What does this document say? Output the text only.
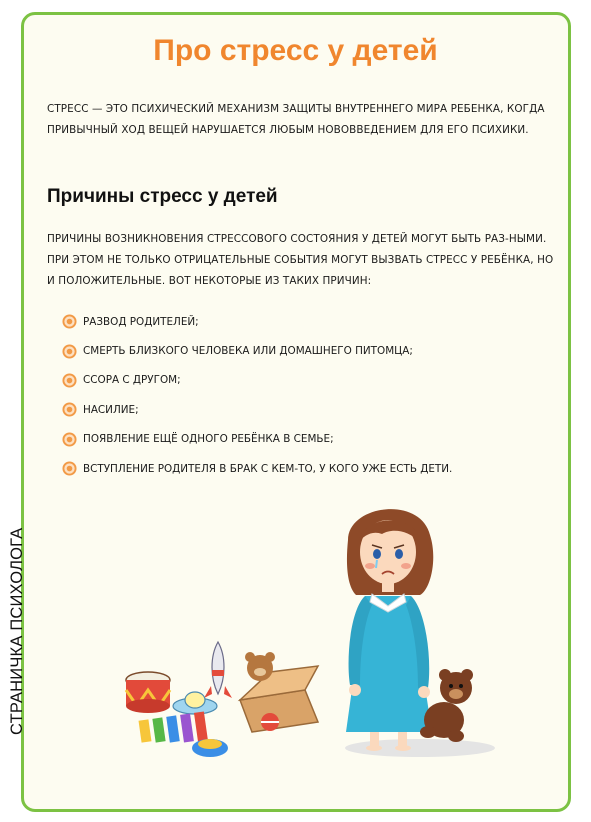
Про стресс у детей

СТРЕСС — ЭТО ПСИХИЧЕСКИЙ МЕХАНИЗМ ЗАЩИТЫ ВНУТРЕННЕГО МИРА РЕБЕНКА, КОГДА ПРИВЫЧНЫЙ ХОД ВЕЩЕЙ НАРУШАЕТСЯ ЛЮБЫМ НОВОВВЕДЕНИЕМ ДЛЯ ЕГО ПСИХИКИ.

Причины стресс у детей

ПРИЧИНЫ ВОЗНИКНОВЕНИЯ СТРЕССОВОГО СОСТОЯНИЯ У ДЕТЕЙ МОГУТ БЫТЬ РАЗ-НЫМИ. ПРИ ЭТОМ НЕ ТОЛЬКО ОТРИЦАТЕЛЬНЫЕ СОБЫТИЯ МОГУТ ВЫЗВАТЬ СТРЕСС У РЕБЁНКА, НО И ПОЛОЖИТЕЛЬНЫЕ. ВОТ НЕКОТОРЫЕ ИЗ ТАКИХ ПРИЧИН:

РАЗВОД РОДИТЕЛЕЙ;
СМЕРТЬ БЛИЗКОГО ЧЕЛОВЕКА ИЛИ ДОМАШНЕГО ПИТОМЦА;
ССОРА С ДРУГОМ;
НАСИЛИЕ;
ПОЯВЛЕНИЕ ЕЩЁ ОДНОГО РЕБЁНКА В СЕМЬЕ;
ВСТУПЛЕНИЕ РОДИТЕЛЯ В БРАК С КЕМ-ТО, У КОГО УЖЕ ЕСТЬ ДЕТИ.
СТРАНИЧКА ПСИХОЛОГА
